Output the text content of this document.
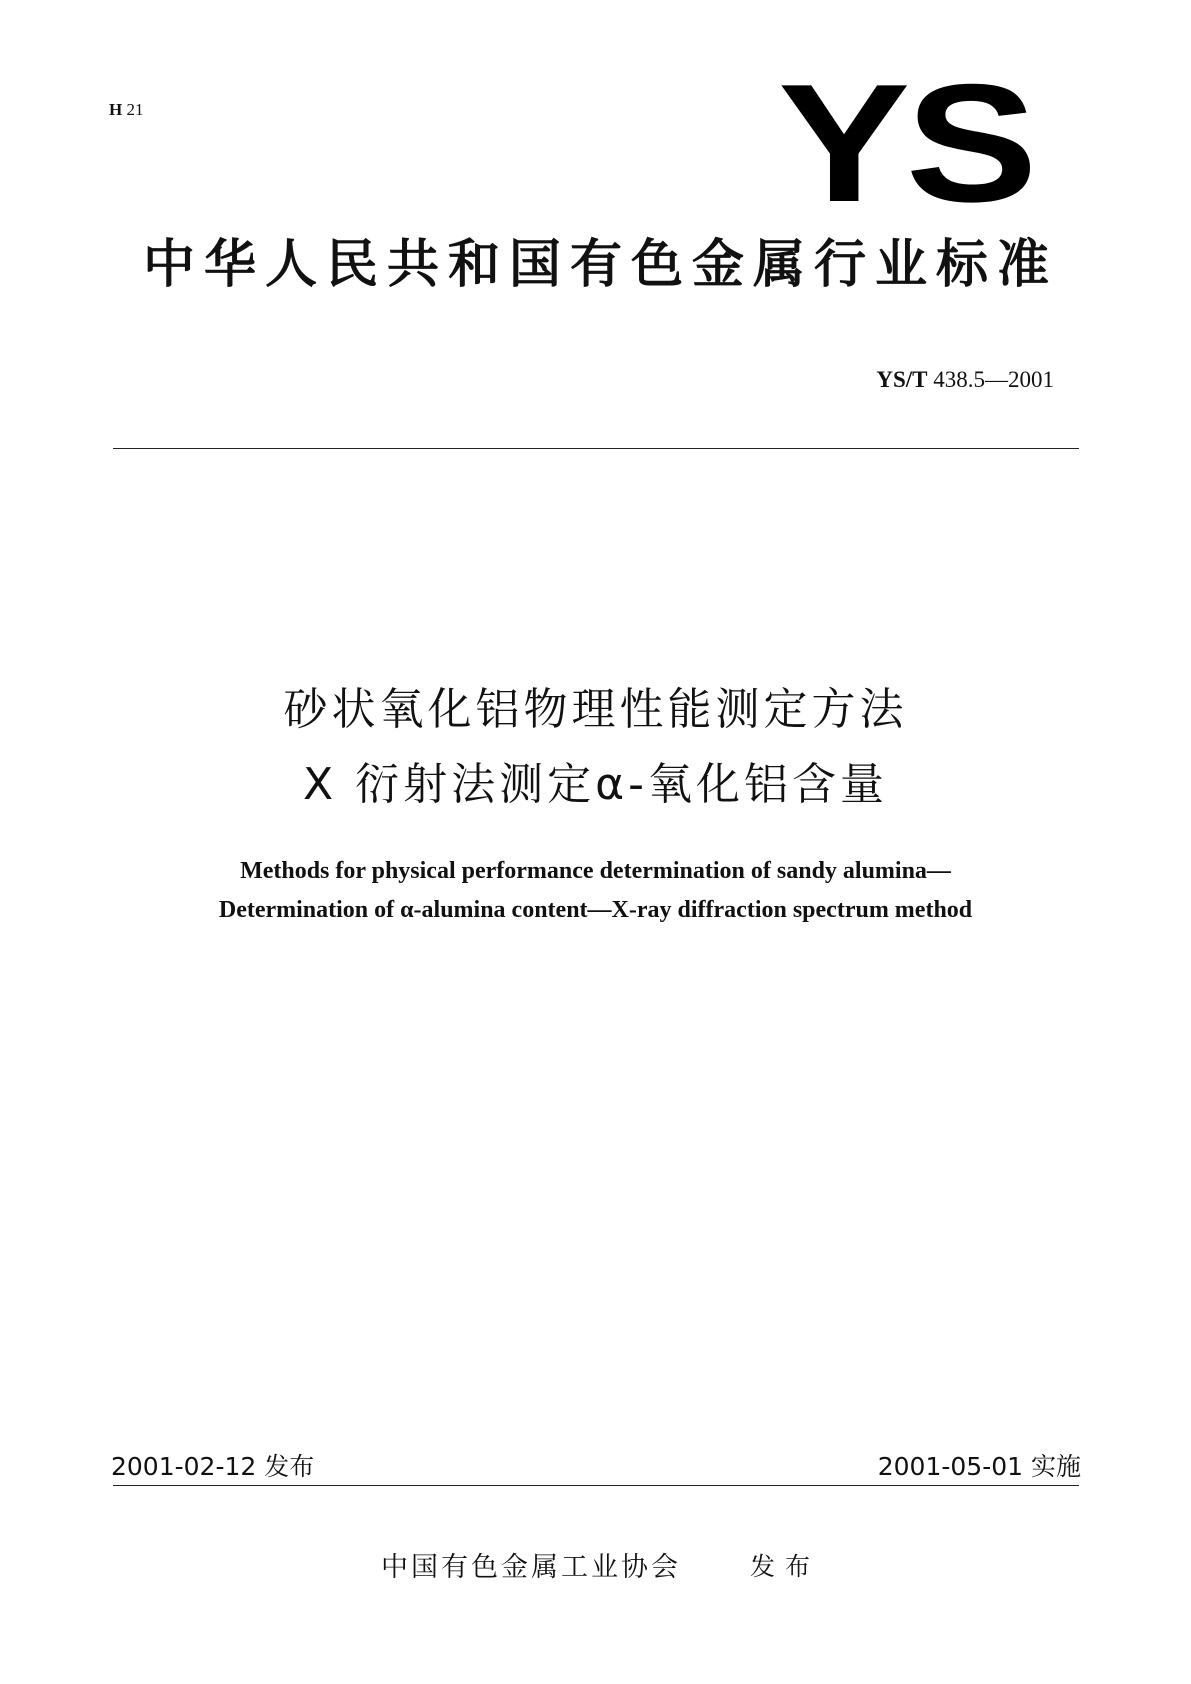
H 21	YS
中华人民共和国有色金属行业标准
YS/T 438.5—2001
砂状氧化铝物理性能测定方法
X 衍射法测定α-氧化铝含量
Methods for physical performance determination of sandy alumina—
Determination of α-alumina content—X-ray diffraction spectrum method
2001-02-12 发布	2001-05-01 实施
中国有色金属工业协会	发布
